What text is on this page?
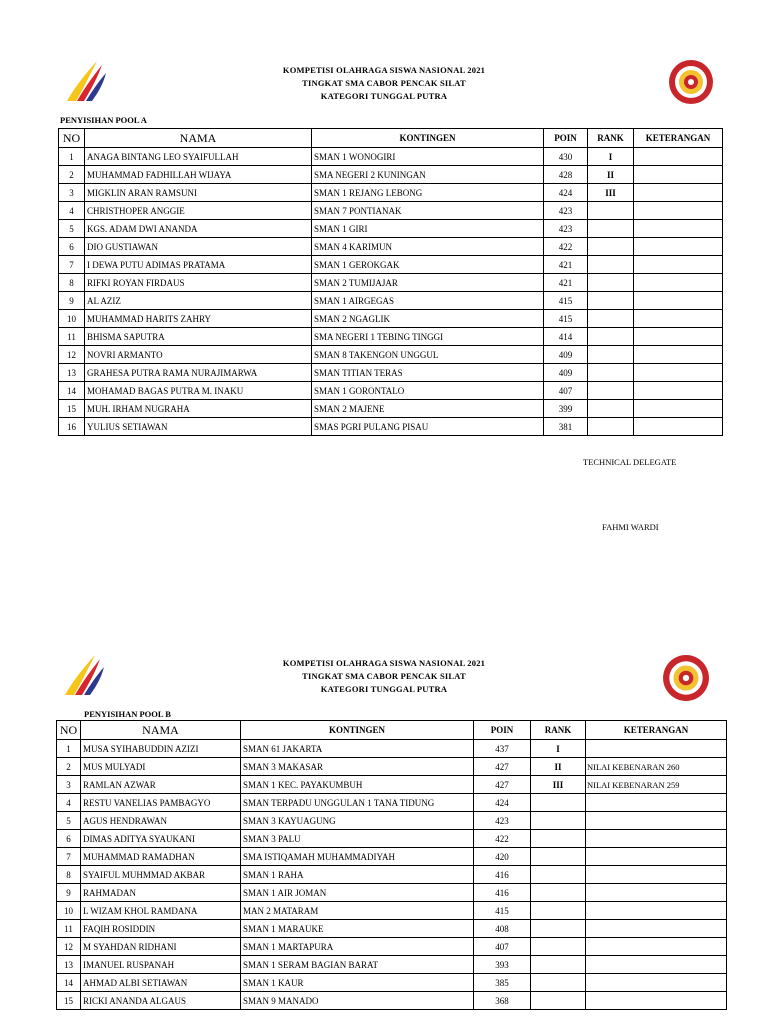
KOMPETISI OLAHRAGA SISWA NASIONAL 2021
TINGKAT SMA CABOR PENCAK SILAT
KATEGORI TUNGGAL PUTRA
PENYISIHAN POOL A
NO	NAMA	KONTINGEN	POIN	RANK	KETERANGAN
1	ANAGA BINTANG LEO SYAIFULLAH	SMAN 1 WONOGIRI	430	I	
2	MUHAMMAD FADHILLAH WIJAYA	SMA NEGERI 2 KUNINGAN	428	II	
3	MIGKLIN ARAN RAMSUNI	SMAN 1 REJANG LEBONG	424	III	
4	CHRISTHOPER ANGGIE	SMAN 7 PONTIANAK	423		
5	KGS. ADAM DWI ANANDA	SMAN 1 GIRI	423		
6	DIO GUSTIAWAN	SMAN 4 KARIMUN	422		
7	I DEWA PUTU ADIMAS PRATAMA	SMAN 1 GEROKGAK	421		
8	RIFKI ROYAN FIRDAUS	SMAN 2 TUMIJAJAR	421		
9	AL AZIZ	SMAN 1 AIRGEGAS	415		
10	MUHAMMAD HARITS ZAHRY	SMAN 2 NGAGLIK	415		
11	BHISMA SAPUTRA	SMA NEGERI 1 TEBING TINGGI	414		
12	NOVRI ARMANTO	SMAN 8 TAKENGON UNGGUL	409		
13	GRAHESA PUTRA RAMA NURAJIMARWA	SMAN TITIAN TERAS	409		
14	MOHAMAD BAGAS PUTRA M. INAKU	SMAN 1 GORONTALO	407		
15	MUH. IRHAM NUGRAHA	SMAN 2 MAJENE	399		
16	YULIUS SETIAWAN	SMAS PGRI PULANG PISAU	381		
TECHNICAL DELEGATE
FAHMI WARDI
KOMPETISI OLAHRAGA SISWA NASIONAL 2021
TINGKAT SMA CABOR PENCAK SILAT
KATEGORI TUNGGAL PUTRA
PENYISIHAN POOL B
NO	NAMA	KONTINGEN	POIN	RANK	KETERANGAN
1	MUSA SYIHABUDDIN AZIZI	SMAN 61 JAKARTA	437	I	
2	MUS MULYADI	SMAN 3 MAKASAR	427	II	NILAI KEBENARAN 260
3	RAMLAN AZWAR	SMAN 1 KEC. PAYAKUMBUH	427	III	NILAI KEBENARAN 259
4	RESTU VANELIAS PAMBAGYO	SMAN TERPADU UNGGULAN 1 TANA TIDUNG	424		
5	AGUS HENDRAWAN	SMAN 3 KAYUAGUNG	423		
6	DIMAS ADITYA SYAUKANI	SMAN 3 PALU	422		
7	MUHAMMAD RAMADHAN	SMA ISTIQAMAH MUHAMMADIYAH	420		
8	SYAIFUL MUHMMAD AKBAR	SMAN 1 RAHA	416		
9	RAHMADAN	SMAN 1 AIR JOMAN	416		
10	L WIZAM KHOL RAMDANA	MAN 2 MATARAM	415		
11	FAQIH ROSIDDIN	SMAN 1 MARAUKE	408		
12	M SYAHDAN RIDHANI	SMAN 1 MARTAPURA	407		
13	IMANUEL RUSPANAH	SMAN 1 SERAM BAGIAN BARAT	393		
14	AHMAD ALBI SETIAWAN	SMAN 1 KAUR	385		
15	RICKI ANANDA ALGAUS	SMAN 9 MANADO	368		
